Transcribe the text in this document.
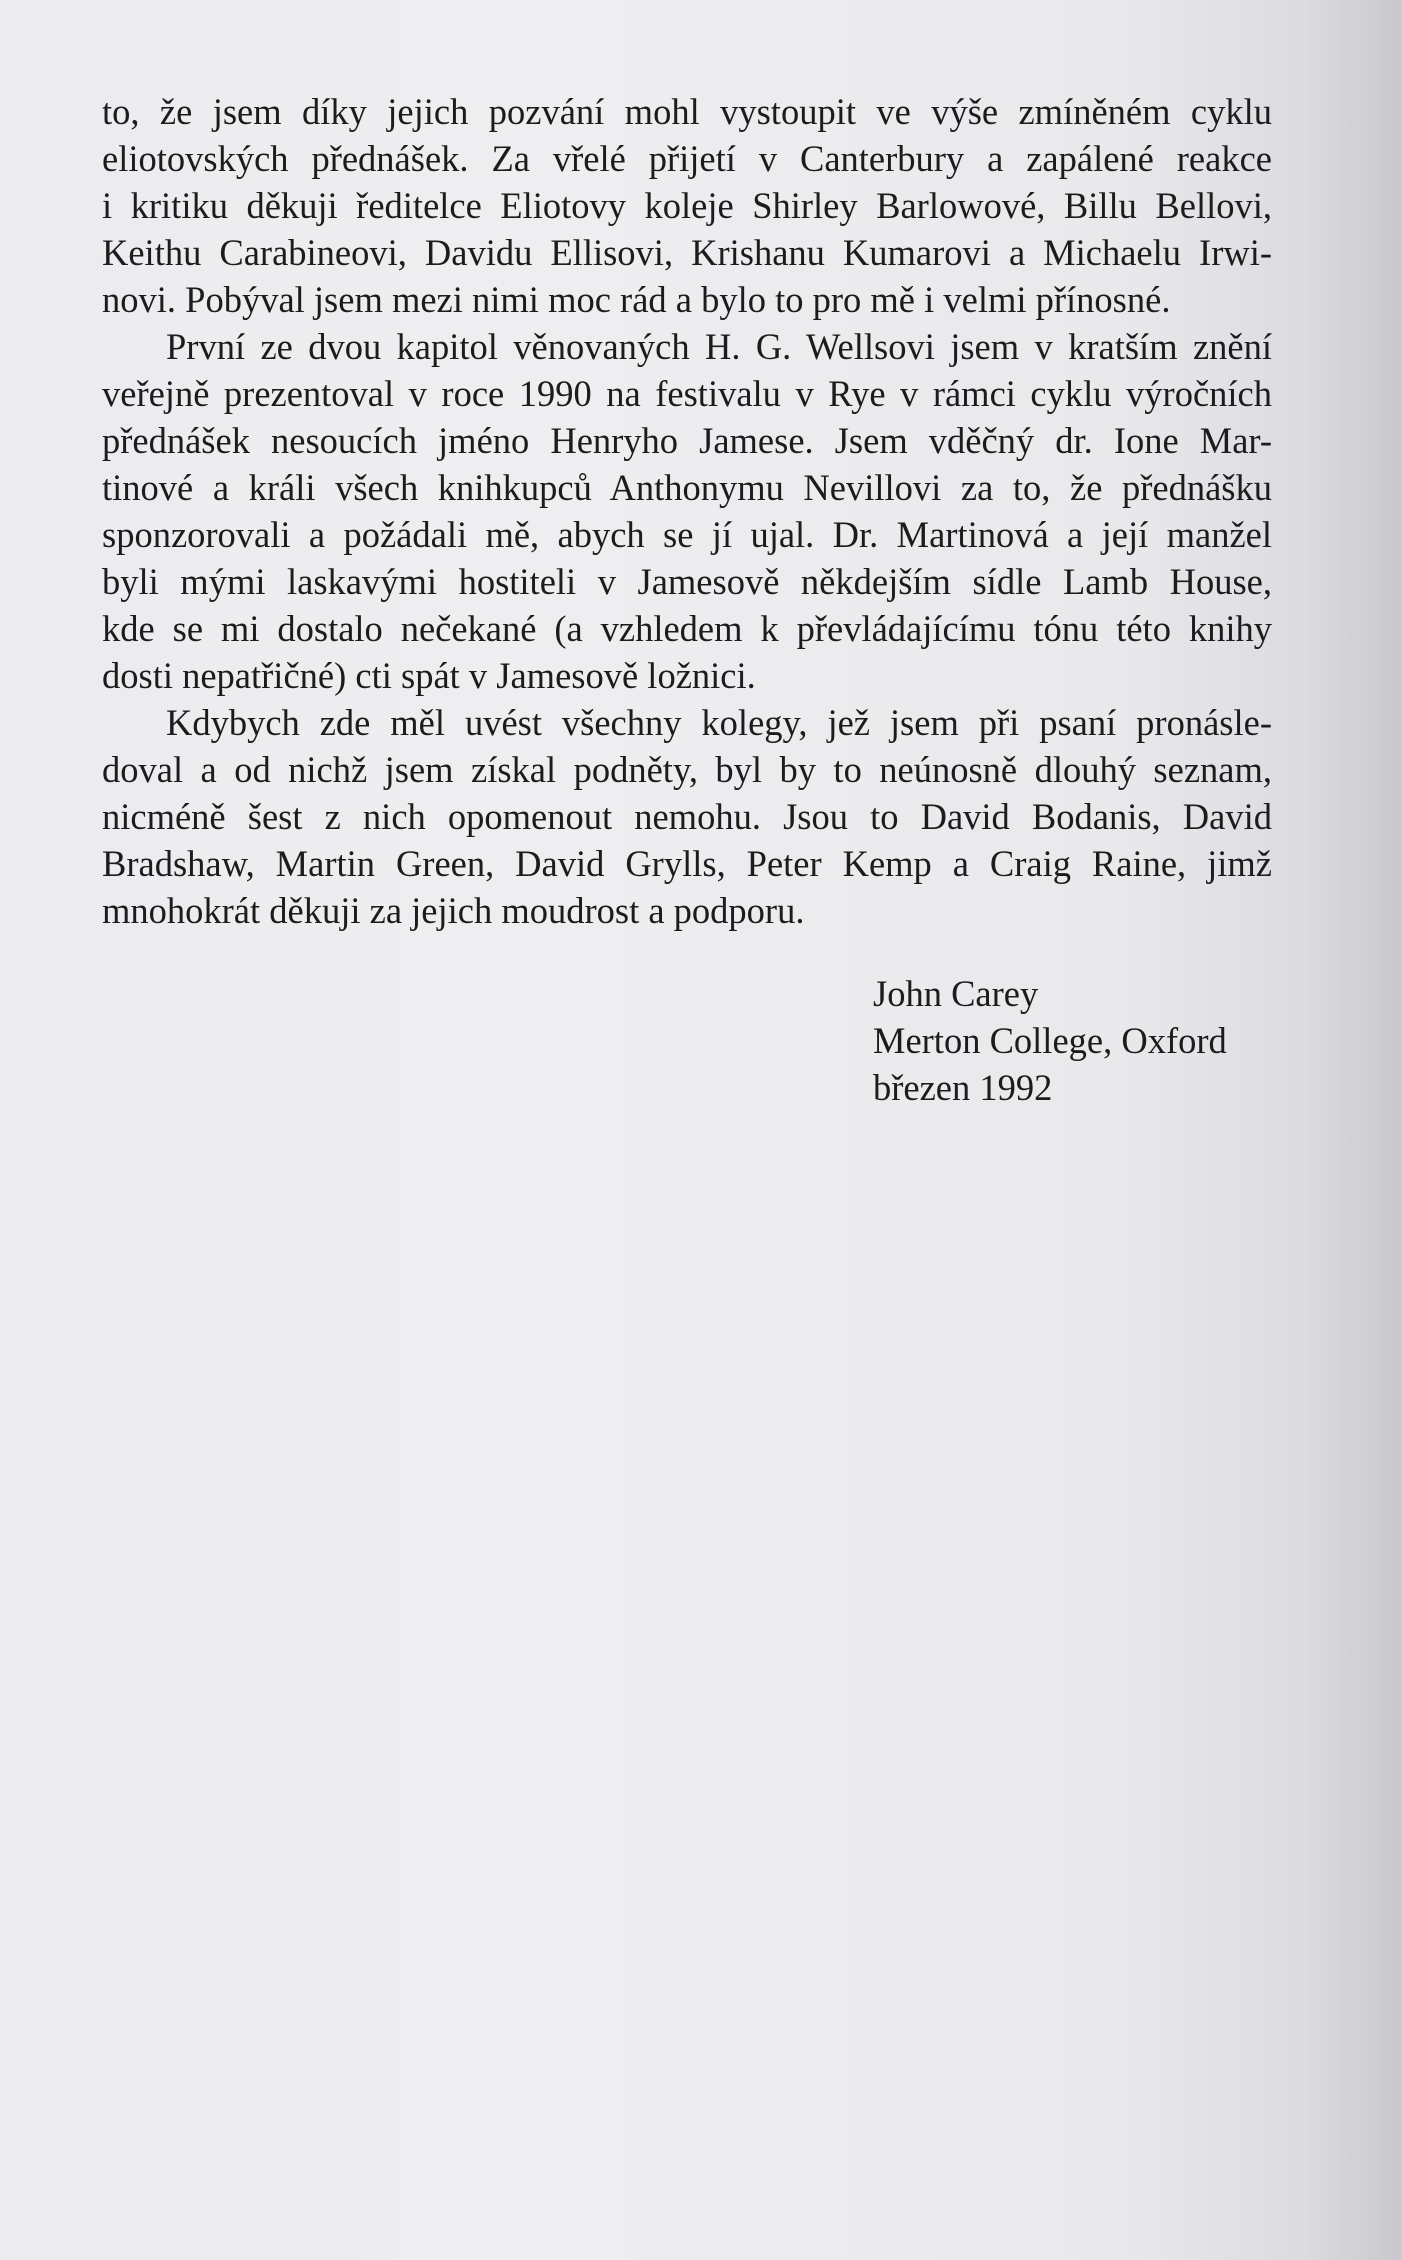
to, že jsem díky jejich pozvání mohl vystoupit ve výše zmíněném cyklu
eliotovských přednášek. Za vřelé přijetí v Canterbury a zapálené reakce
i kritiku děkuji ředitelce Eliotovy koleje Shirley Barlowové, Billu Bellovi,
Keithu Carabineovi, Davidu Ellisovi, Krishanu Kumarovi a Michaelu Irwi-
novi. Pobýval jsem mezi nimi moc rád a bylo to pro mě i velmi přínosné.
První ze dvou kapitol věnovaných H. G. Wellsovi jsem v kratším znění
veřejně prezentoval v roce 1990 na festivalu v Rye v rámci cyklu výročních
přednášek nesoucích jméno Henryho Jamese. Jsem vděčný dr. Ione Mar-
tinové a králi všech knihkupců Anthonymu Nevillovi za to, že přednášku
sponzorovali a požádali mě, abych se jí ujal. Dr. Martinová a její manžel
byli mými laskavými hostiteli v Jamesově někdejším sídle Lamb House,
kde se mi dostalo nečekané (a vzhledem k převládajícímu tónu této knihy
dosti nepatřičné) cti spát v Jamesově ložnici.
Kdybych zde měl uvést všechny kolegy, jež jsem při psaní pronásle-
doval a od nichž jsem získal podněty, byl by to neúnosně dlouhý seznam,
nicméně šest z nich opomenout nemohu. Jsou to David Bodanis, David
Bradshaw, Martin Green, David Grylls, Peter Kemp a Craig Raine, jimž
mnohokrát děkuji za jejich moudrost a podporu.
John Carey
Merton College, Oxford
březen 1992
